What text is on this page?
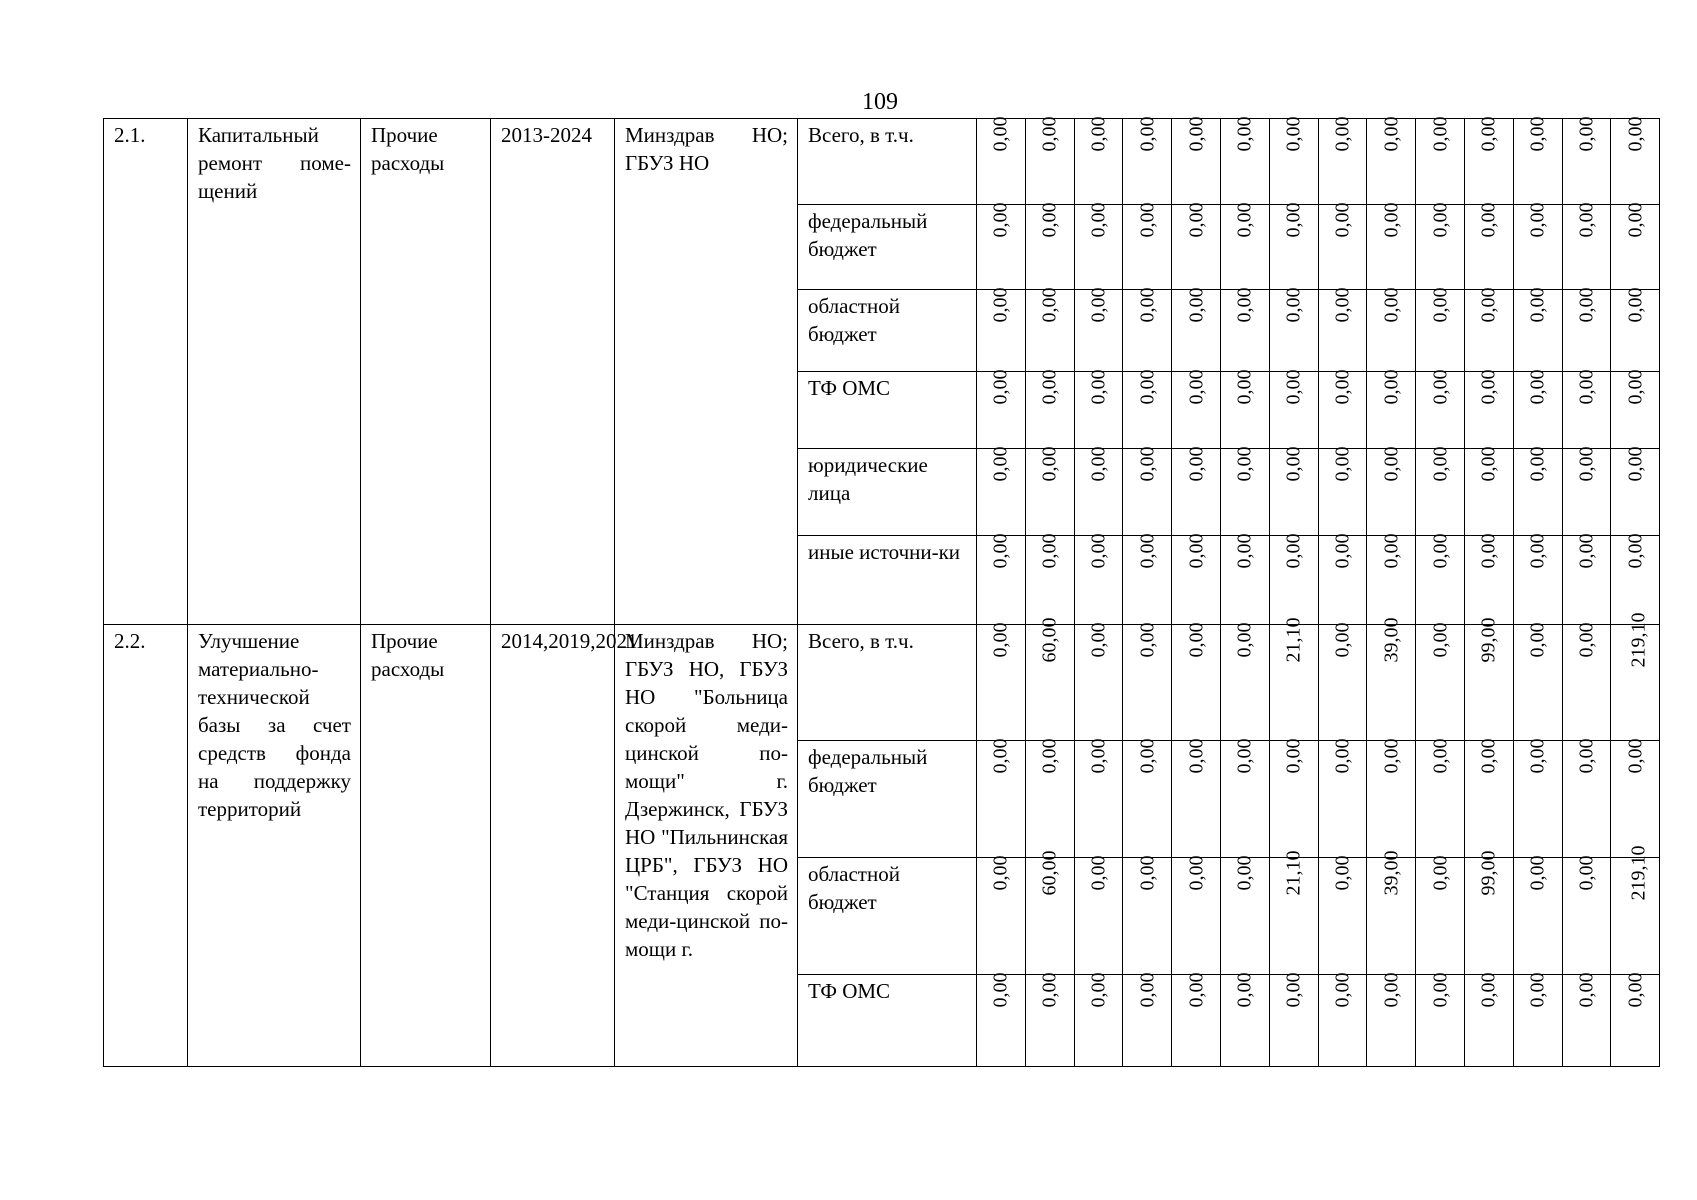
109
2.1.	Капитальный ремонт поме-щений	Прочие расходы	2013-2024	Минздрав НО; ГБУЗ НО	Всего, в т.ч.	0,00	0,00	0,00	0,00	0,00	0,00	0,00	0,00	0,00	0,00	0,00	0,00	0,00	0,00

					федеральный бюджет	0,00	0,00	0,00	0,00	0,00	0,00	0,00	0,00	0,00	0,00	0,00	0,00	0,00	0,00

					областной бюджет	0,00	0,00	0,00	0,00	0,00	0,00	0,00	0,00	0,00	0,00	0,00	0,00	0,00	0,00

					ТФ ОМС	0,00	0,00	0,00	0,00	0,00	0,00	0,00	0,00	0,00	0,00	0,00	0,00	0,00	0,00

					юридические лица	0,00	0,00	0,00	0,00	0,00	0,00	0,00	0,00	0,00	0,00	0,00	0,00	0,00	0,00

					иные источни-ки	0,00	0,00	0,00	0,00	0,00	0,00	0,00	0,00	0,00	0,00	0,00	0,00	0,00	0,00

2.2.	Улучшение материально-технической базы за счет средств фонда на поддержку территорий	Прочие расходы	2014,2019,2021	Минздрав НО; ГБУЗ НО, ГБУЗ НО "Больница скорой меди-цинской по-мощи" г. Дзержинск, ГБУЗ НО "Пильнинская ЦРБ", ГБУЗ НО "Станция скорой меди-цинской по-мощи г.	Всего, в т.ч.	0,00	60,00	0,00	0,00	0,00	0,00	21,10	0,00	39,00	0,00	99,00	0,00	0,00	219,10

					федеральный бюджет	0,00	0,00	0,00	0,00	0,00	0,00	0,00	0,00	0,00	0,00	0,00	0,00	0,00	0,00

					областной бюджет	0,00	60,00	0,00	0,00	0,00	0,00	21,10	0,00	39,00	0,00	99,00	0,00	0,00	219,10

					ТФ ОМС	0,00	0,00	0,00	0,00	0,00	0,00	0,00	0,00	0,00	0,00	0,00	0,00	0,00	0,00
